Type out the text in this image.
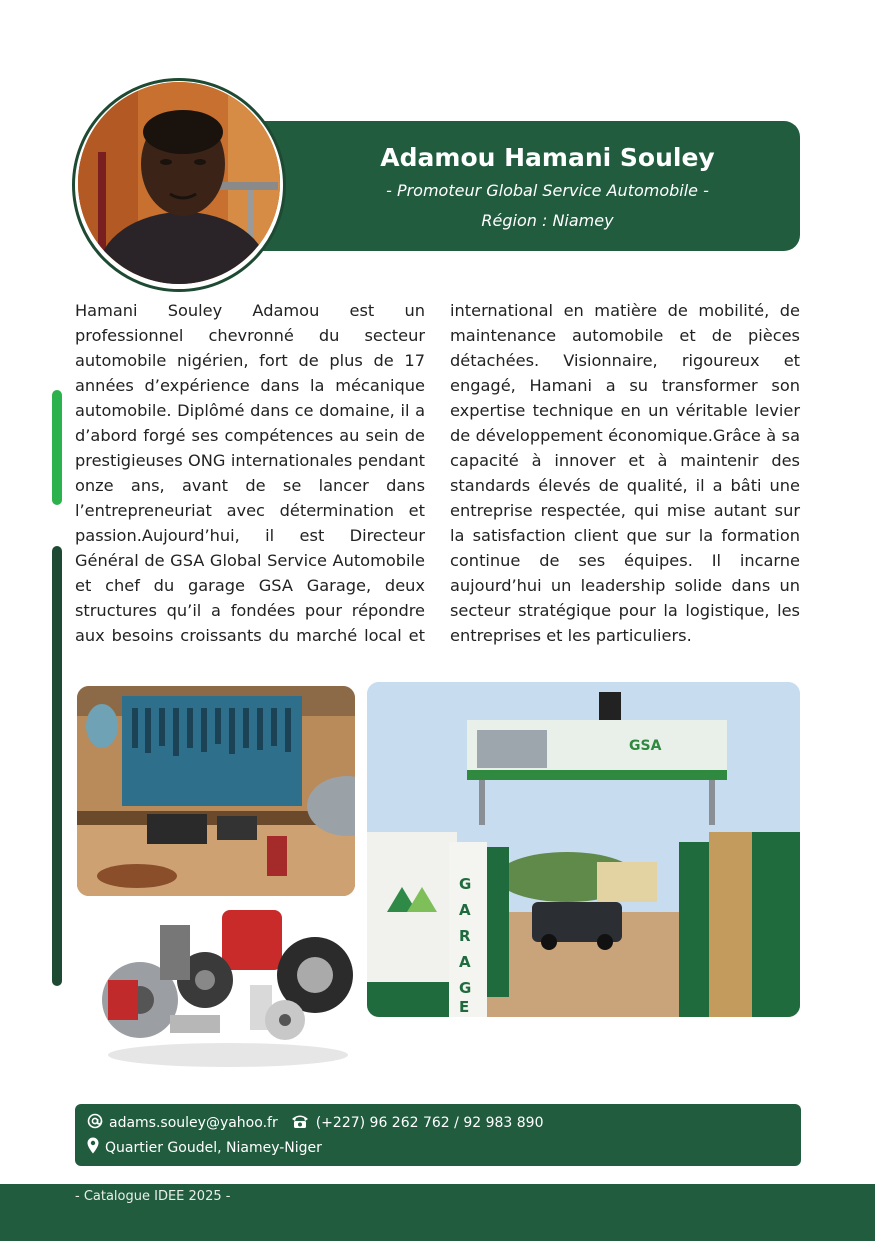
Adamou Hamani Souley
- Promoteur Global Service Automobile -
Région : Niamey
Hamani Souley Adamou est un professionnel chevronné du secteur automobile nigérien, fort de plus de 17 années d’expérience dans la mécanique automobile. Diplômé dans ce domaine, il a d’abord forgé ses compétences au sein de prestigieuses ONG internationales pendant onze ans, avant de se lancer dans l’entrepreneuriat avec détermination et passion.Aujourd’hui, il est Directeur Général de GSA Global Service Automobile et chef du garage GSA Garage, deux structures qu’il a fondées pour répondre aux besoins croissants du marché local et international en matière de mobilité, de maintenance automobile et de pièces détachées. Visionnaire, rigoureux et engagé, Hamani a su transformer son expertise technique en un véritable levier de développement économique.Grâce à sa capacité à innover et à maintenir des standards élevés de qualité, il a bâti une entreprise respectée, qui mise autant sur la satisfaction client que sur la formation continue de ses équipes. Il incarne aujourd’hui un leadership solide dans un secteur stratégique pour la logistique, les entreprises et les particuliers.
GSA
G
A
R
A
G
E
adams.souley@yahoo.fr	(+227) 96 262 762 / 92 983 890
Quartier Goudel, Niamey-Niger
- Catalogue IDEE 2025 -
